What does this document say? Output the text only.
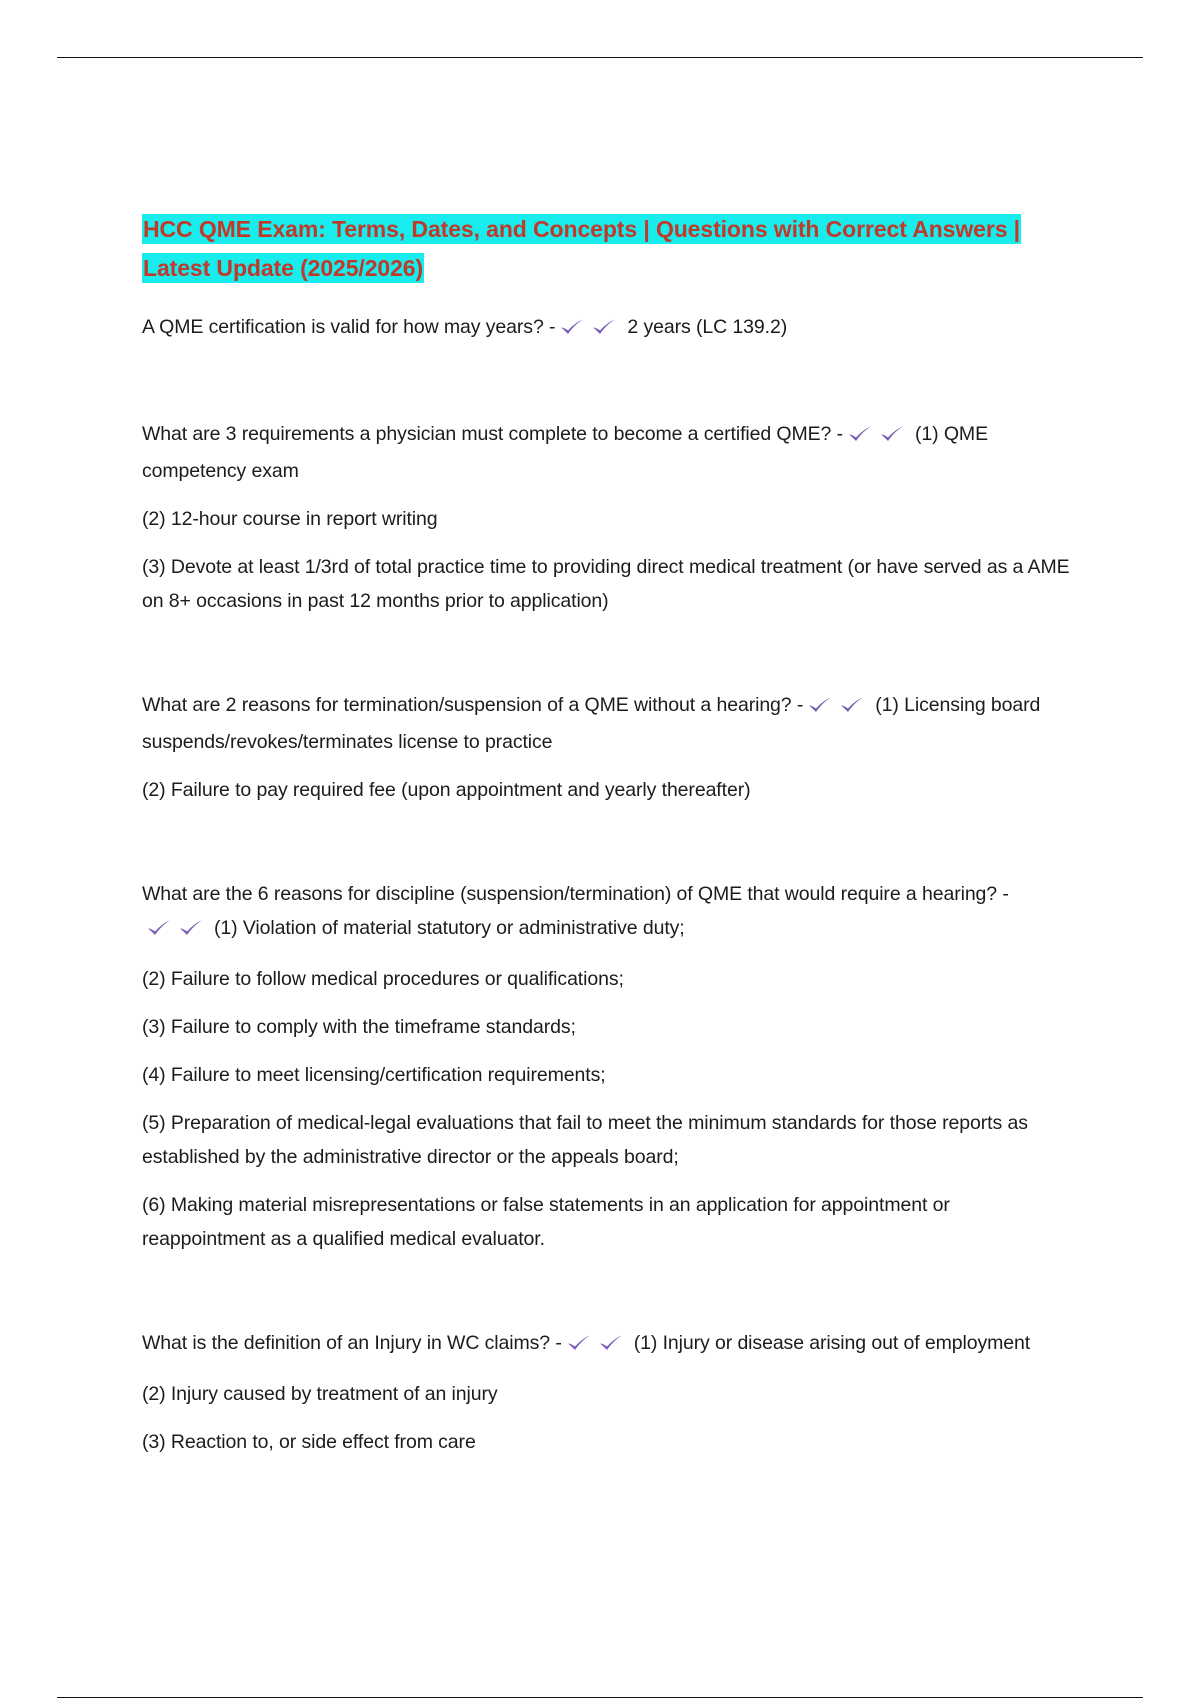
HCC QME Exam: Terms, Dates, and Concepts | Questions with Correct Answers | Latest Update (2025/2026)

A QME certification is valid for how may years? -	2 years (LC 139.2)

What are 3 requirements a physician must complete to become a certified QME? -	(1) QME competency exam

(2) 12-hour course in report writing

(3) Devote at least 1/3rd of total practice time to providing direct medical treatment (or have served as a AME on 8+ occasions in past 12 months prior to application)

What are 2 reasons for termination/suspension of a QME without a hearing? -	(1) Licensing board suspends/revokes/terminates license to practice

(2) Failure to pay required fee (upon appointment and yearly thereafter)

What are the 6 reasons for discipline (suspension/termination) of QME that would require a hearing? -
(1) Violation of material statutory or administrative duty;

(2) Failure to follow medical procedures or qualifications;

(3) Failure to comply with the timeframe standards;

(4) Failure to meet licensing/certification requirements;

(5) Preparation of medical-legal evaluations that fail to meet the minimum standards for those reports as established by the administrative director or the appeals board;

(6) Making material misrepresentations or false statements in an application for appointment or reappointment as a qualified medical evaluator.

What is the definition of an Injury in WC claims? -	(1) Injury or disease arising out of employment

(2) Injury caused by treatment of an injury

(3) Reaction to, or side effect from care
